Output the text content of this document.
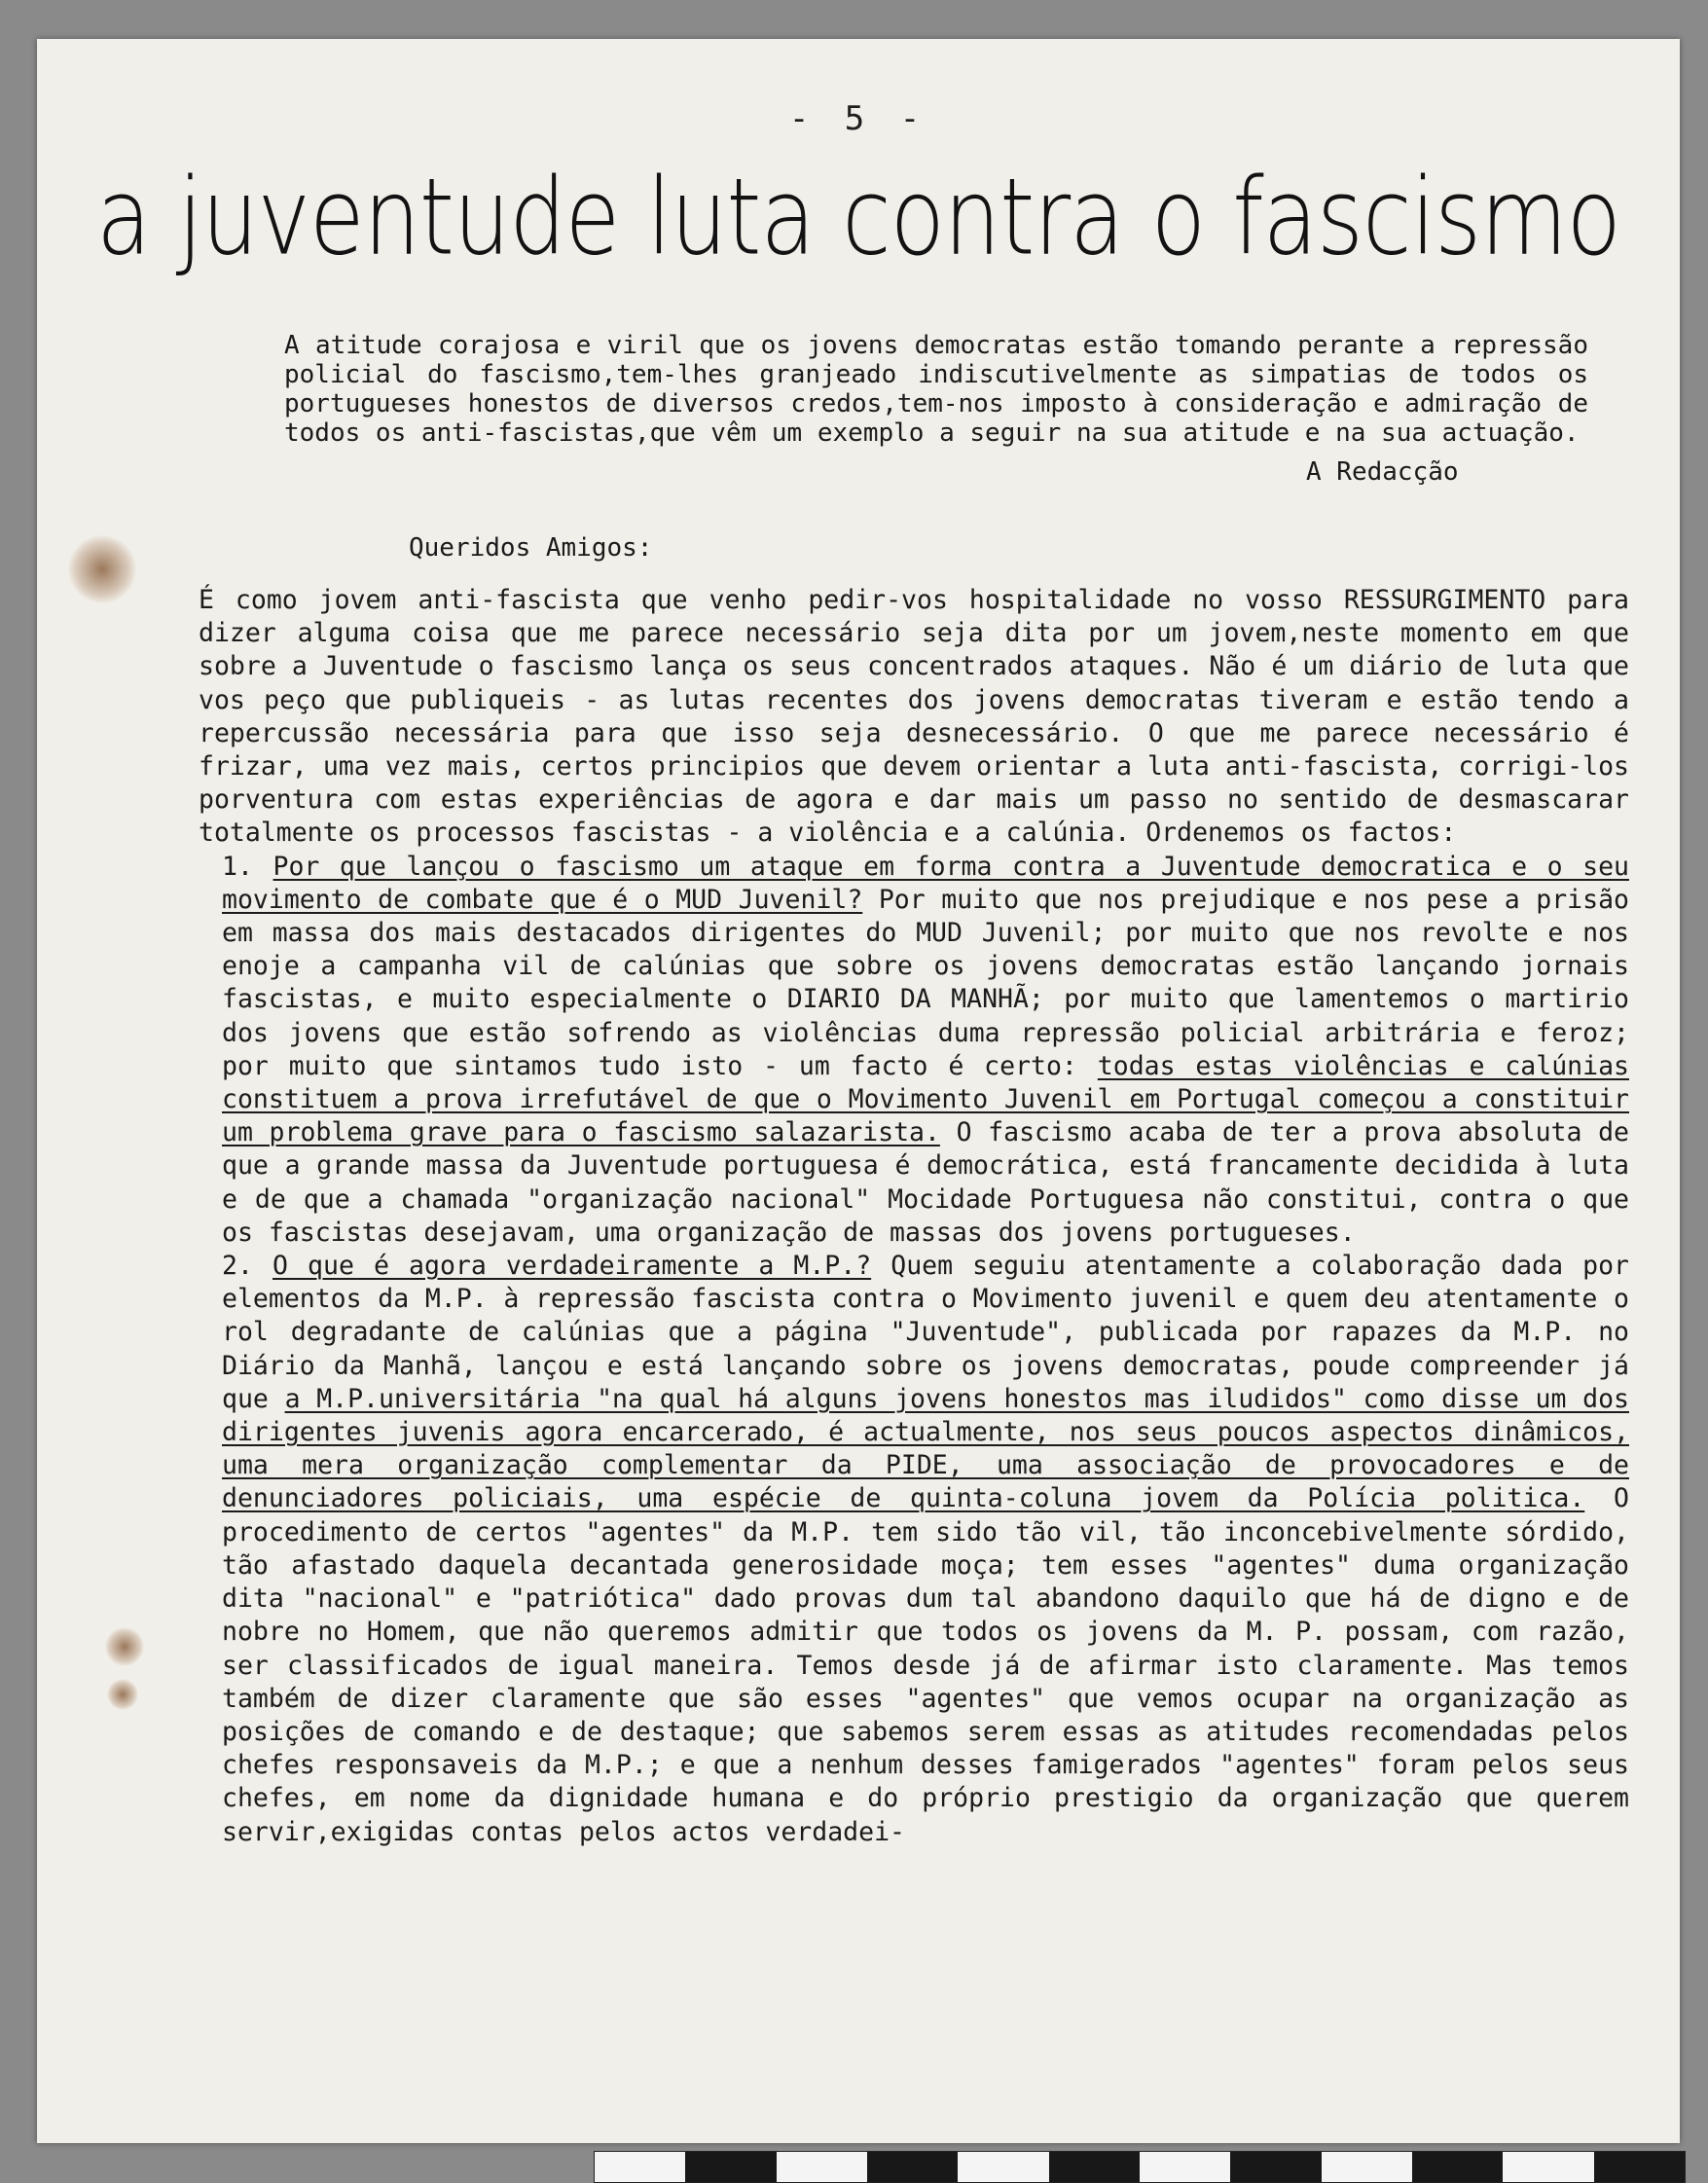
- 5 -
a juventude luta contra o fascismo

A atitude corajosa e viril que os jovens democratas estão tomando perante a repressão policial do fascismo,tem-lhes granjeado indiscutivelmente as simpatias de todos os portugueses honestos de diversos credos,tem-nos imposto à consideração e admiração de todos os anti-fascistas,que vêm um exemplo a seguir na sua atitude e na sua actuação.

A Redacção

Queridos Amigos:

É como jovem anti-fascista que venho pedir-vos hospitalidade no vosso RESSURGIMENTO para dizer alguma coisa que me parece necessário seja dita por um jovem,neste momento em que sobre a Juventude o fascismo lança os seus concentrados ataques. Não é um diário de luta que vos peço que publiqueis - as lutas recentes dos jovens democratas tiveram e estão tendo a repercussão necessária para que isso seja desnecessário. O que me parece necessário é frizar, uma vez mais, certos principios que devem orientar a luta anti-fascista, corrigi-los porventura com estas experiências de agora e dar mais um passo no sentido de desmascarar totalmente os processos fascistas - a violência e a calúnia. Ordenemos os factos:

1. Por que lançou o fascismo um ataque em forma contra a Juventude democratica e o seu movimento de combate que é o MUD Juvenil? Por muito que nos prejudique e nos pese a prisão em massa dos mais destacados dirigentes do MUD Juvenil; por muito que nos revolte e nos enoje a campanha vil de calúnias que sobre os jovens democratas estão lançando jornais fascistas, e muito especialmente o DIARIO DA MANHÃ; por muito que lamentemos o martirio dos jovens que estão sofrendo as violências duma repressão policial arbitrária e feroz; por muito que sintamos tudo isto - um facto é certo: todas estas violências e calúnias constituem a prova irrefutável de que o Movimento Juvenil em Portugal começou a constituir um problema grave para o fascismo salazarista. O fascismo acaba de ter a prova absoluta de que a grande massa da Juventude portuguesa é democrática, está francamente decidida à luta e de que a chamada "organização nacional" Mocidade Portuguesa não constitui, contra o que os fascistas desejavam, uma organização de massas dos jovens portugueses.

2. O que é agora verdadeiramente a M.P.? Quem seguiu atentamente a colaboração dada por elementos da M.P. à repressão fascista contra o Movimento juvenil e quem deu atentamente o rol degradante de calúnias que a página "Juventude", publicada por rapazes da M.P. no Diário da Manhã, lançou e está lançando sobre os jovens democratas, poude compreender já que a M.P.universitária "na qual há alguns jovens honestos mas iludidos" como disse um dos dirigentes juvenis agora encarcerado, é actualmente, nos seus poucos aspectos dinâmicos, uma mera organização complementar da PIDE, uma associação de provocadores e de denunciadores policiais, uma espécie de quinta-coluna jovem da Polícia politica. O procedimento de certos "agentes" da M.P. tem sido tão vil, tão inconcebivelmente sórdido, tão afastado daquela decantada generosidade moça; tem esses "agentes" duma organização dita "nacional" e "patriótica" dado provas dum tal abandono daquilo que há de digno e de nobre no Homem, que não queremos admitir que todos os jovens da M. P. possam, com razão, ser classificados de igual maneira. Temos desde já de afirmar isto claramente. Mas temos também de dizer claramente que são esses "agentes" que vemos ocupar na organização as posições de comando e de destaque; que sabemos serem essas as atitudes recomendadas pelos chefes responsaveis da M.P.; e que a nenhum desses famigerados "agentes" foram pelos seus chefes, em nome da dignidade humana e do próprio prestigio da organização que querem servir,exigidas contas pelos actos verdadei-
